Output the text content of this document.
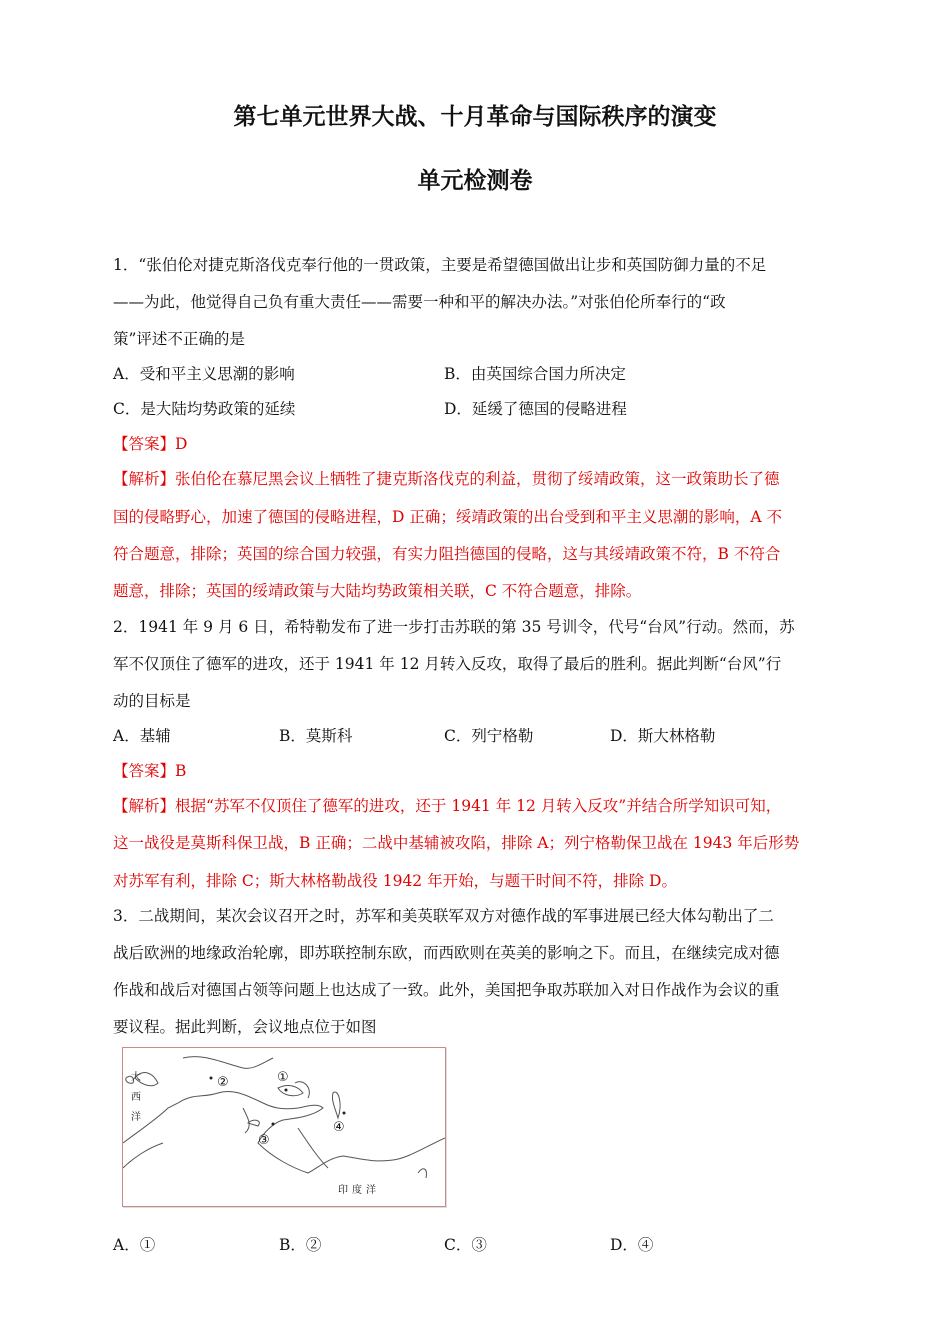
第七单元世界大战、十月革命与国际秩序的演变
单元检测卷
1．“张伯伦对捷克斯洛伐克奉行他的一贯政策，主要是希望德国做出让步和英国防御力量的不足
——为此，他觉得自己负有重大责任——需要一种和平的解决办法。”对张伯伦所奉行的“政
策”评述不正确的是
A．受和平主义思潮的影响	B．由英国综合国力所决定
C．是大陆均势政策的延续	D．延缓了德国的侵略进程
【答案】D
【解析】张伯伦在慕尼黑会议上牺牲了捷克斯洛伐克的利益，贯彻了绥靖政策，这一政策助长了德
国的侵略野心，加速了德国的侵略进程，D 正确；绥靖政策的出台受到和平主义思潮的影响，A 不
符合题意，排除；英国的综合国力较强，有实力阻挡德国的侵略，这与其绥靖政策不符，B 不符合
题意，排除；英国的绥靖政策与大陆均势政策相关联，C 不符合题意，排除。
2．1941 年 9 月 6 日，希特勒发布了进一步打击苏联的第 35 号训令，代号“台风”行动。然而，苏
军不仅顶住了德军的进攻，还于 1941 年 12 月转入反攻，取得了最后的胜利。据此判断“台风”行
动的目标是
A．基辅	B．莫斯科	C．列宁格勒	D．斯大林格勒
【答案】B
【解析】根据“苏军不仅顶住了德军的进攻，还于 1941 年 12 月转入反攻”并结合所学知识可知，
这一战役是莫斯科保卫战，B 正确；二战中基辅被攻陷，排除 A；列宁格勒保卫战在 1943 年后形势
对苏军有利，排除 C；斯大林格勒战役 1942 年开始，与题干时间不符，排除 D。
3．二战期间，某次会议召开之时，苏军和美英联军双方对德作战的军事进展已经大体勾勒出了二
战后欧洲的地缘政治轮廓，即苏联控制东欧，而西欧则在英美的影响之下。而且，在继续完成对德
作战和战后对德国占领等问题上也达成了一致。此外，美国把争取苏联加入对日作战作为会议的重
要议程。据此判断，会议地点位于如图
大西洋
印度洋
①
②
③
④
A．①	B．②	C．③	D．④
